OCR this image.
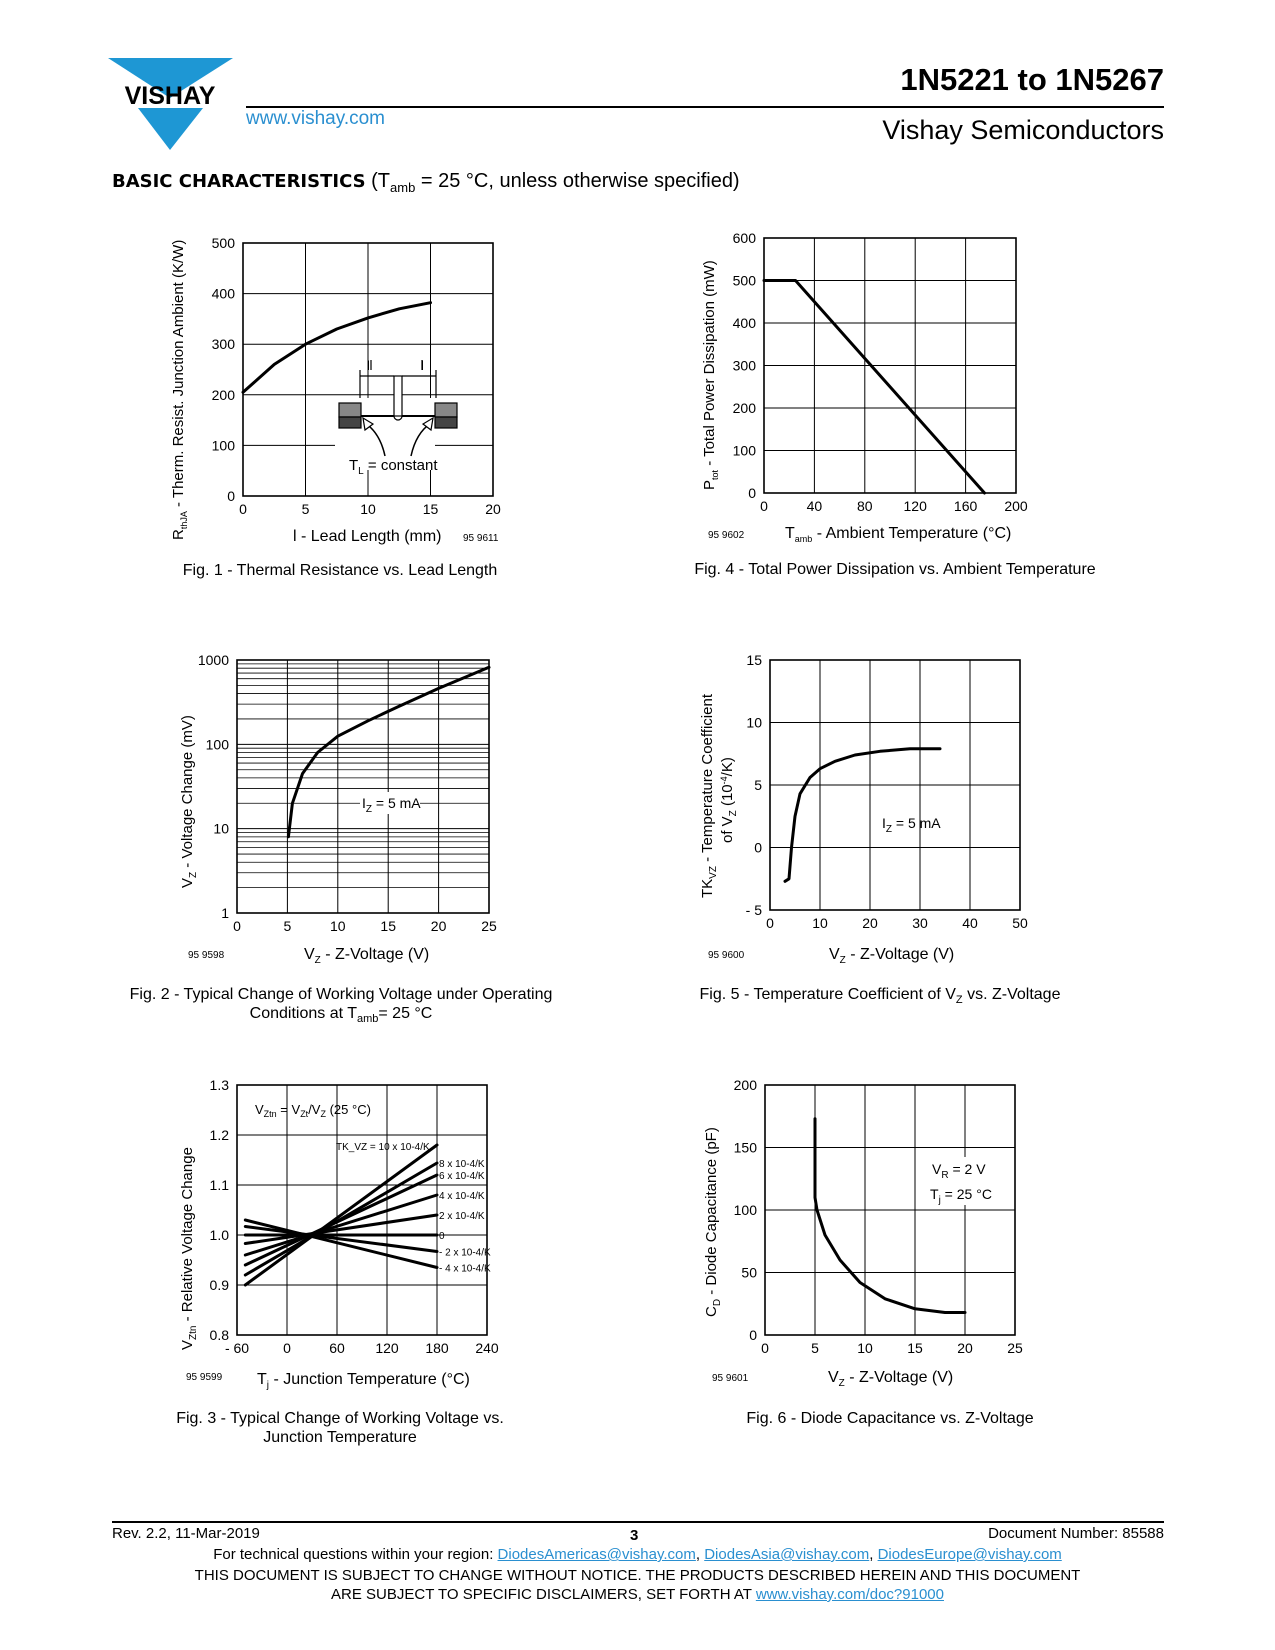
VISHAY
www.vishay.com
1N5221 to 1N5267
Vishay Semiconductors
BASIC CHARACTERISTICS ($T_{amb} = 25$ °C, unless otherwise specified)
0	5	10	15	20
0
100
200
300
400
500
l	l
$T_L$ = constant
l - Lead Length (mm) 95 9611
$R_{thJA}$ - Therm. Resist. Junction Ambient (K/W)
Fig. 1 - Thermal Resistance vs. Lead Length
0	40 80 120 160 200
0
100
200
300
400
500
600
$T_{amb}$ - Ambient Temperature (°C)
95 9602
$P_{tot}$ - Total Power Dissipation (mW)
Fig. 4 - Total Power Dissipation vs. Ambient Temperature
0	5	10 15 20 25
1
10
100
1000
$I_Z = 5$ mA
$V_Z$ - Z-Voltage (V)
95 9598
$V_Z$ - Voltage Change (mV)
Fig. 2 - Typical Change of Working Voltage under Operating
Conditions at $T_{amb}= 25$ °C
0	10 20 30 40 50
- 5
0
5
10
15
$I_Z = 5$ mA
$V_Z$ - Z-Voltage (V)
95 9600
$TK_{VZ}$ - Temperature Coefficient of $V_Z$ $(10^{-4}/K)$
Fig. 5 - Temperature Coefficient of $V_Z$ vs. Z-Voltage
- 60 0	60 120 180 240
0.8
0.9
1.0
1.1
1.2
1.3
TK_VZ = 10 x 10-4/K
8 x 10-4/K
6 x 10-4/K
4 x 10-4/K
2 x 10-4/K
0
- 2 x 10-4/K
- 4 x 10-4/K
$V_{Ztn} = V_{Zt}/V_Z$ (25 °C)
$T_j$ - Junction Temperature (°C)
95 9599
$V_{Ztn}$ - Relative Voltage Change
Fig. 3 - Typical Change of Working Voltage vs.
Junction Temperature
0	5	10 15 20 25
0
50
100
150
200
$V_R = 2$ V
$T_j = 25$ °C
$V_Z$ - Z-Voltage (V)
95 9601
$C_D$ - Diode Capacitance (pF)
Fig. 6 - Diode Capacitance vs. Z-Voltage
Rev. 2.2, 11-Mar-2019	3	Document Number: 85588
For technical questions within your region: DiodesAmericas@vishay.com, DiodesAsia@vishay.com, DiodesEurope@vishay.com
THIS DOCUMENT IS SUBJECT TO CHANGE WITHOUT NOTICE. THE PRODUCTS DESCRIBED HEREIN AND THIS DOCUMENT
ARE SUBJECT TO SPECIFIC DISCLAIMERS, SET FORTH AT www.vishay.com/doc?91000
